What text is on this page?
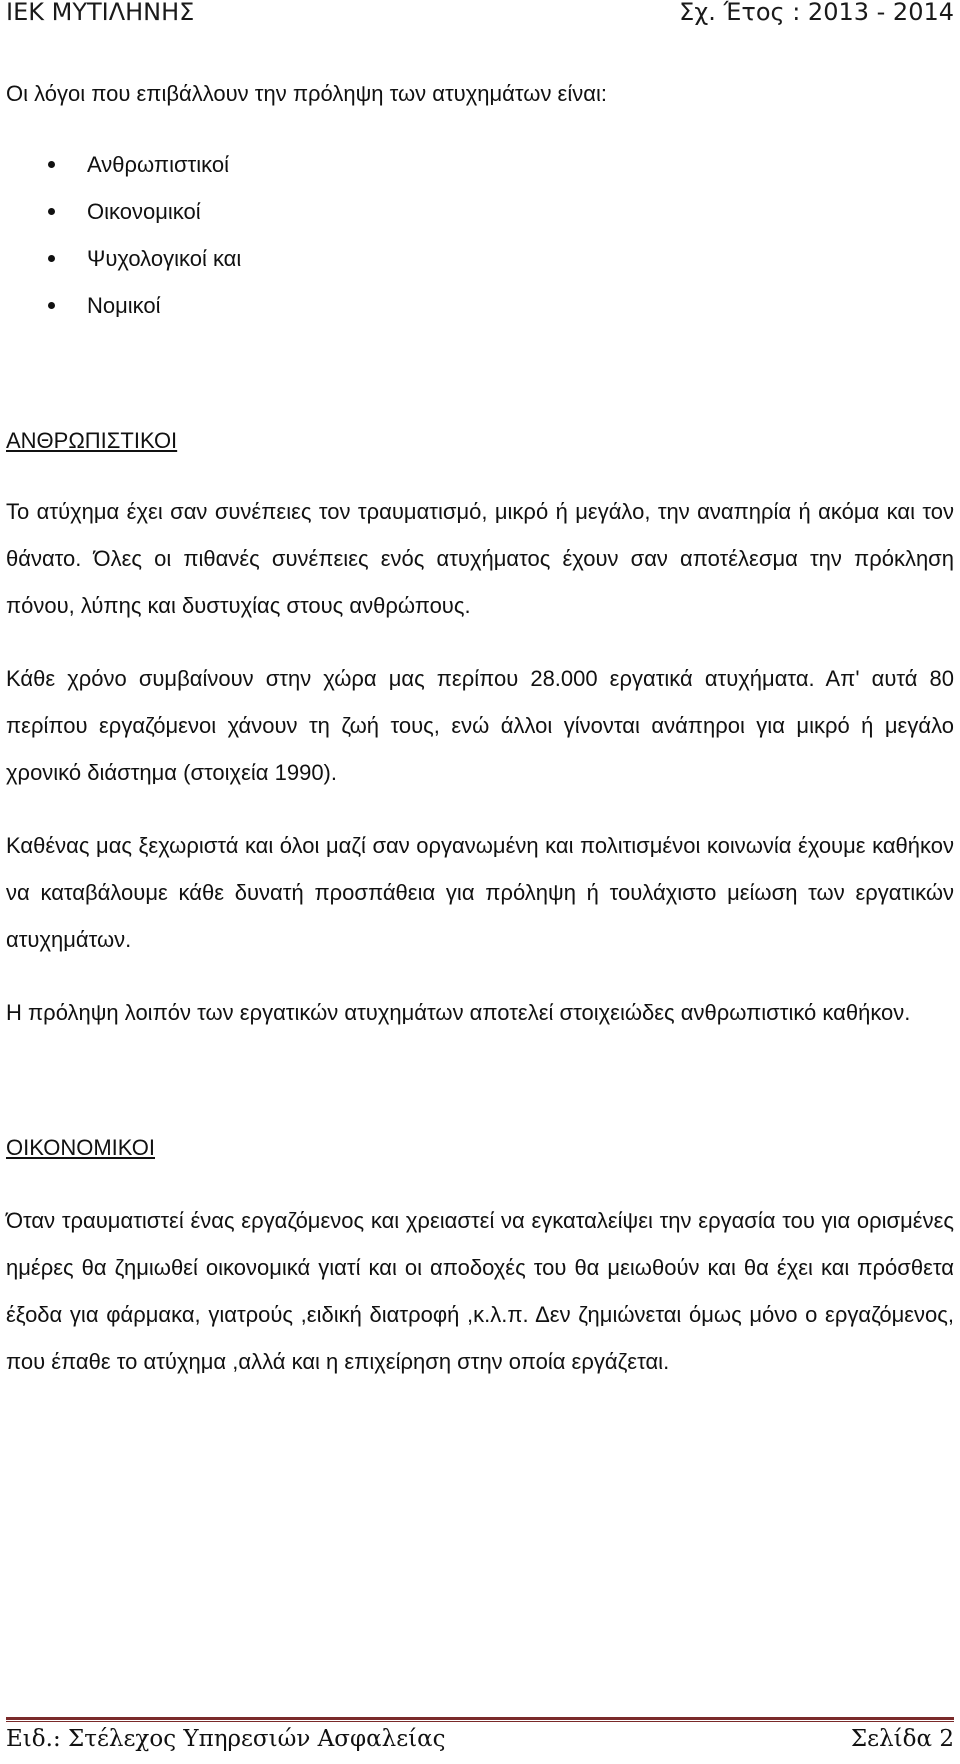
ΙΕΚ ΜΥΤΙΛΗΝΗΣ	Σχ. Έτος : 2013 - 2014

Οι λόγοι που επιβάλλουν την πρόληψη των ατυχημάτων είναι:

Ανθρωπιστικοί
Οικονομικοί
Ψυχολογικοί και
Νομικοί

ΑΝΘΡΩΠΙΣΤΙΚΟΙ

Το ατύχημα έχει σαν συνέπειες τον τραυματισμό, μικρό ή μεγάλο, την αναπηρία ή ακόμα και τον θάνατο. Όλες οι πιθανές συνέπειες ενός ατυχήματος έχουν σαν αποτέλεσμα την πρόκληση πόνου, λύπης και δυστυχίας στους ανθρώπους.

Κάθε χρόνο συμβαίνουν στην χώρα μας περίπου 28.000 εργατικά ατυχήματα. Απ' αυτά 80 περίπου εργαζόμενοι χάνουν τη ζωή τους, ενώ άλλοι γίνονται ανάπηροι για μικρό ή μεγάλο χρονικό διάστημα (στοιχεία 1990).

Καθένας μας ξεχωριστά και όλοι μαζί σαν οργανωμένη και πολιτισμένοι κοινωνία έχουμε καθήκον να καταβάλουμε κάθε δυνατή προσπάθεια για πρόληψη ή τουλάχιστο μείωση των εργατικών ατυχημάτων.

Η πρόληψη λοιπόν των εργατικών ατυχημάτων αποτελεί στοιχειώδες ανθρωπιστικό καθήκον.

ΟΙΚΟΝΟΜΙΚΟΙ

Όταν τραυματιστεί ένας εργαζόμενος και χρειαστεί να εγκαταλείψει την εργασία του για ορισμένες ημέρες θα ζημιωθεί οικονομικά γιατί και οι αποδοχές του θα μειωθούν και θα έχει και πρόσθετα έξοδα για φάρμακα, γιατρούς ,ειδική διατροφή ,κ.λ.π. Δεν ζημιώνεται όμως μόνο ο εργαζόμενος, που έπαθε το ατύχημα ,αλλά και η επιχείρηση στην οποία εργάζεται.

Ειδ.: Στέλεχος Υπηρεσιών Ασφαλείας	Σελίδα 2
